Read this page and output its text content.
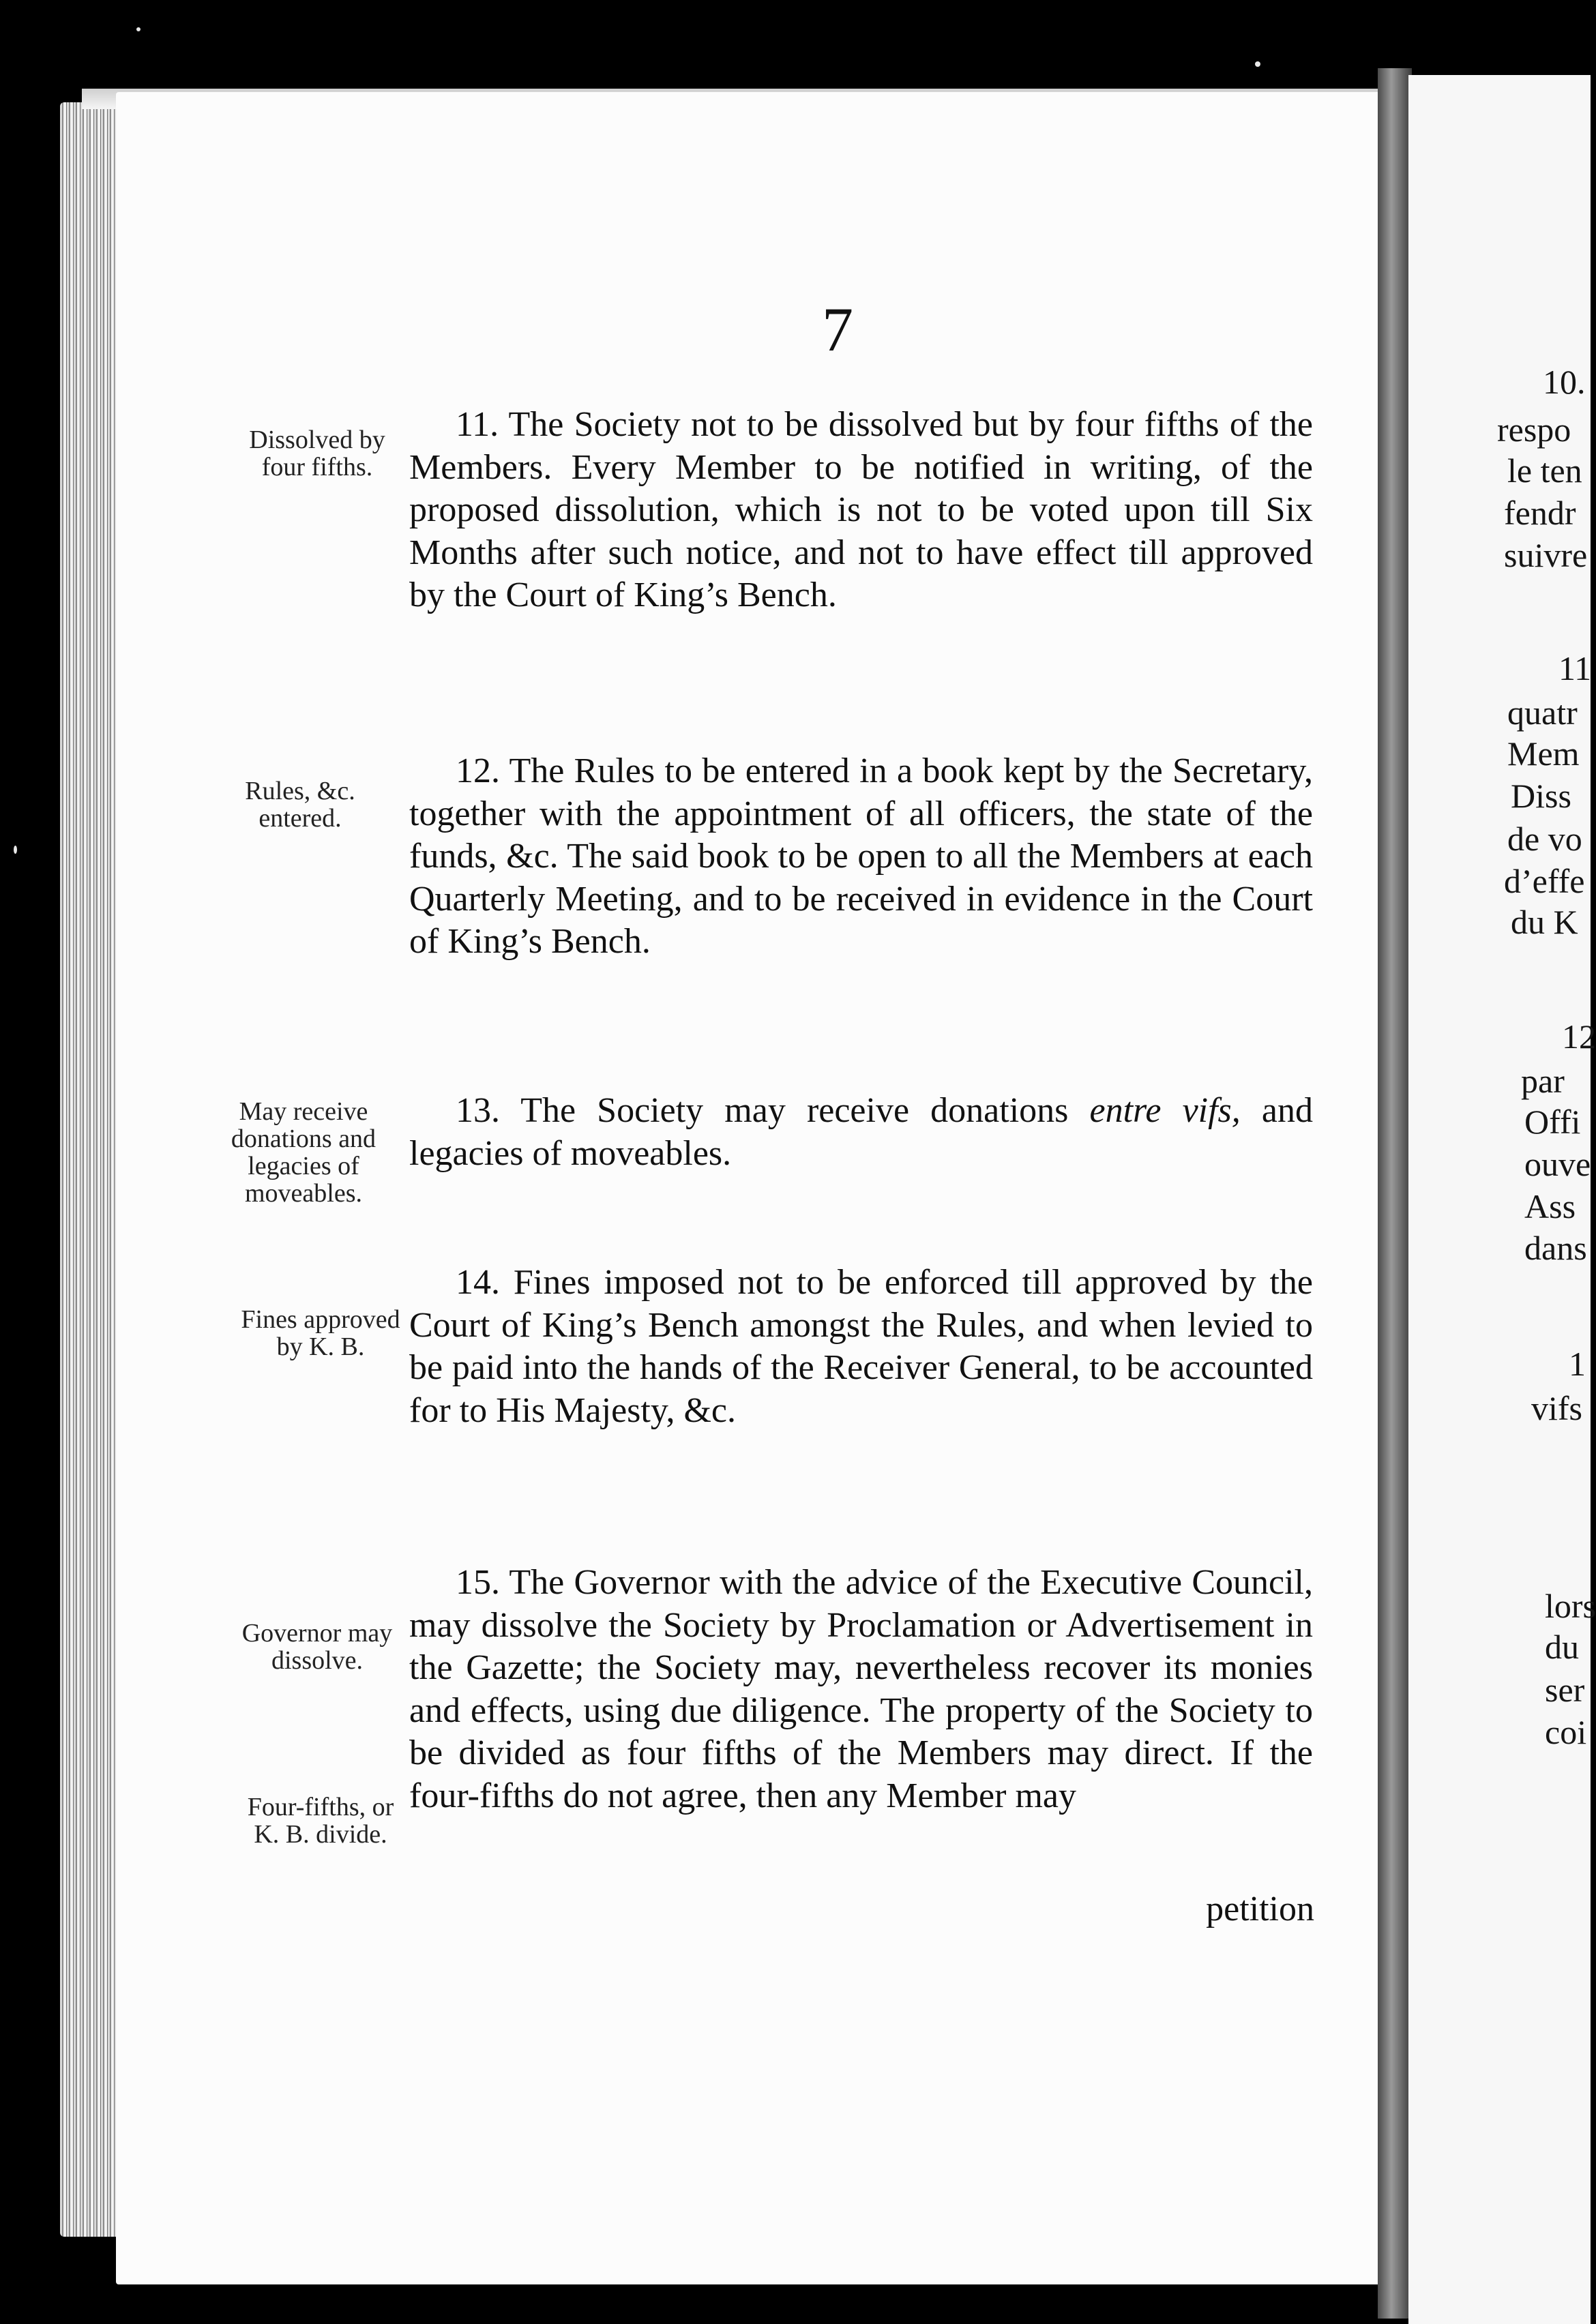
10.
respo
le ten
fendr
suivre
11
quatr
Mem
Diss
de vo
d’effe
du K
12
par
Offi
ouve
Ass
dans
1
vifs
lors
du
ser
coi
7
Dissolved by four fifths.
11. The Society not to be dissolved but by four fifths of the Members. Every Member to be notified in writing, of the proposed dissolution, which is not to be voted upon till Six Months after such notice, and not to have effect till approved by the Court of King’s Bench.
Rules, &c. entered.
12. The Rules to be entered in a book kept by the Secretary, together with the appointment of all officers, the state of the funds, &c. The said book to be open to all the Members at each Quarterly Meeting, and to be received in evidence in the Court of King’s Bench.
May receive donations and legacies of moveables.
13. The Society may receive donations entre vifs, and legacies of moveables.
Fines approved by K. B.
14. Fines imposed not to be enforced till approved by the Court of King’s Bench amongst the Rules, and when levied to be paid into the hands of the Receiver General, to be accounted for to His Majesty, &c.
Governor may dissolve.
Four-fifths, or K. B. divide.
15. The Governor with the advice of the Executive Council, may dissolve the Society by Proclamation or Advertisement in the Gazette; the Society may, nevertheless recover its monies and effects, using due diligence. The property of the Society to be divided as four fifths of the Members may direct. If the four-fifths do not agree, then any Member may
petition
